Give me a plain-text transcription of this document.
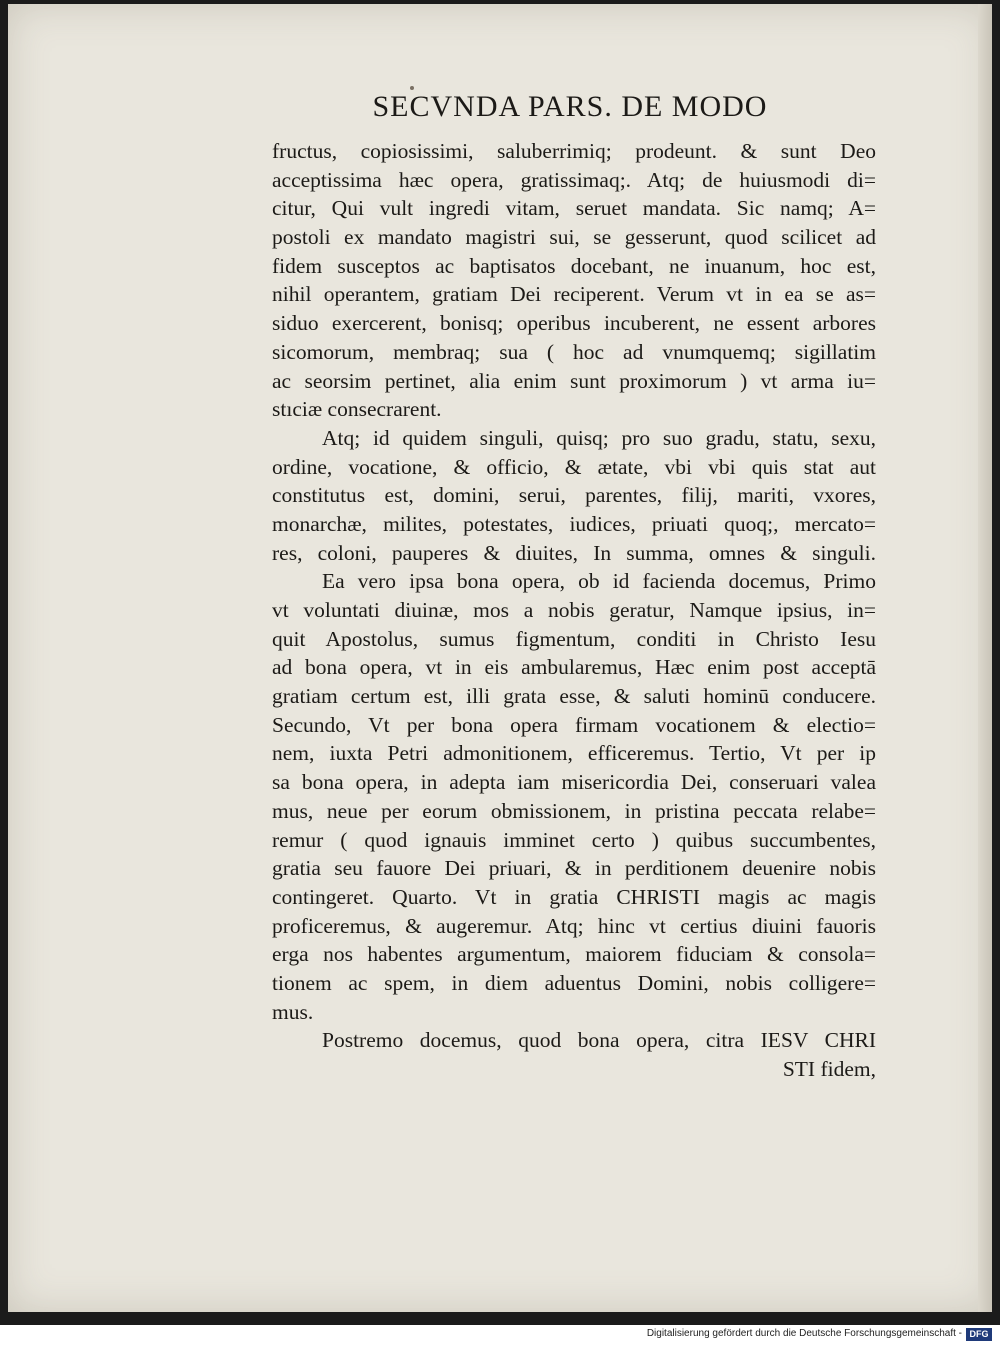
SECVNDA PARS. DE MODO
fructus, copiosissimi, saluberrimiq; prodeunt. & sunt Deo
acceptissima hæc opera, gratissimaq;. Atq; de huiusmodi di=
citur, Qui vult ingredi vitam, seruet mandata. Sic namq; A=
postoli ex mandato magistri sui, se gesserunt, quod scilicet ad
fidem susceptos ac baptisatos docebant, ne inuanum, hoc est,
nihil operantem, gratiam Dei reciperent. Verum vt in ea se as=
siduo exercerent, bonisq; operibus incuberent, ne essent arbores
sicomorum, membraq; sua ( hoc ad vnumquemq; sigillatim
ac seorsim pertinet, alia enim sunt proximorum ) vt arma iu=
stıciæ consecrarent.
Atq; id quidem singuli, quisq; pro suo gradu, statu, sexu,
ordine, vocatione, & officio, & ætate, vbi vbi quis stat aut
constitutus est, domini, serui, parentes, filij, mariti, vxores,
monarchæ, milites, potestates, iudices, priuati quoq;, mercato=
res, coloni, pauperes & diuites, In summa, omnes & singuli.
Ea vero ipsa bona opera, ob id facienda docemus, Primo
vt voluntati diuinæ, mos a nobis geratur, Namque ipsius, in=
quit Apostolus, sumus figmentum, conditi in Christo Iesu
ad bona opera, vt in eis ambularemus, Hæc enim post acceptā
gratiam certum est, illi grata esse, & saluti hominū conducere.
Secundo, Vt per bona opera firmam vocationem & electio=
nem, iuxta Petri admonitionem, efficeremus. Tertio, Vt per ip
sa bona opera, in adepta iam misericordia Dei, conseruari valea
mus, neue per eorum obmissionem, in pristina peccata relabe=
remur ( quod ignauis imminet certo ) quibus succumbentes,
gratia seu fauore Dei priuari, & in perditionem deuenire nobis
contingeret. Quarto. Vt in gratia CHRISTI magis ac magis
proficeremus, & augeremur. Atq; hinc vt certius diuini fauoris
erga nos habentes argumentum, maiorem fiduciam & consola=
tionem ac spem, in diem aduentus Domini, nobis colligere=
mus.
Postremo docemus, quod bona opera, citra IESV CHRI
STI fidem,
Digitalisierung gefördert durch die Deutsche Forschungsgemeinschaft - DFG
